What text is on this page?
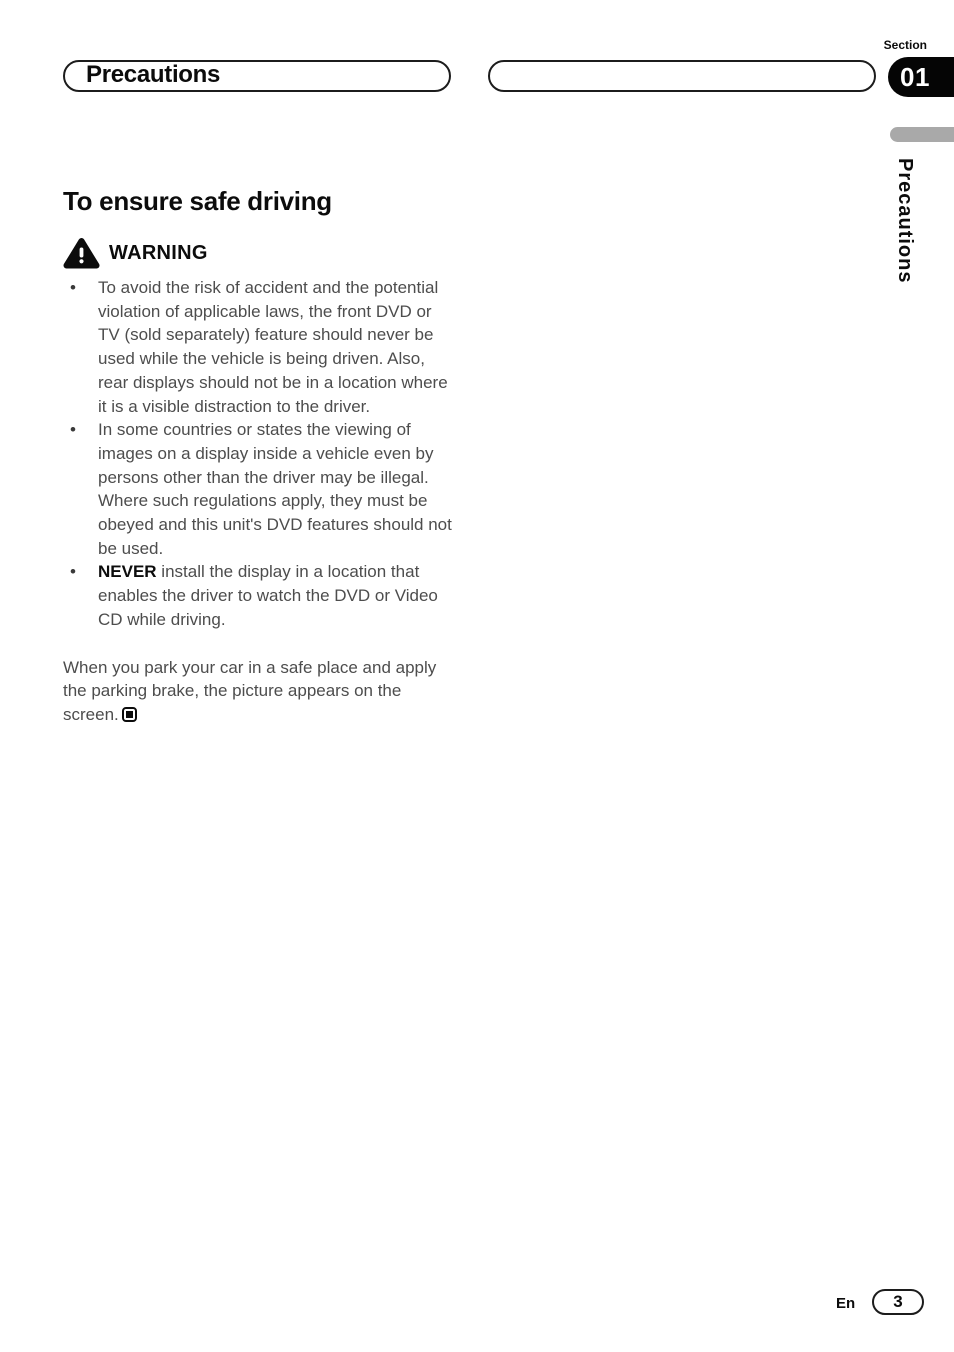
Precautions
Section
01
Precautions
To ensure safe driving
WARNING
•	To avoid the risk of accident and the potential violation of applicable laws, the front DVD or TV (sold separately) feature should never be used while the vehicle is being driven. Also, rear displays should not be in a location where it is a visible distraction to the driver.
•	In some countries or states the viewing of images on a display inside a vehicle even by persons other than the driver may be illegal. Where such regulations apply, they must be obeyed and this unit's DVD features should not be used.
•	NEVER install the display in a location that enables the driver to watch the DVD or Video CD while driving.
When you park your car in a safe place and apply the parking brake, the picture appears on the screen.
En 3
